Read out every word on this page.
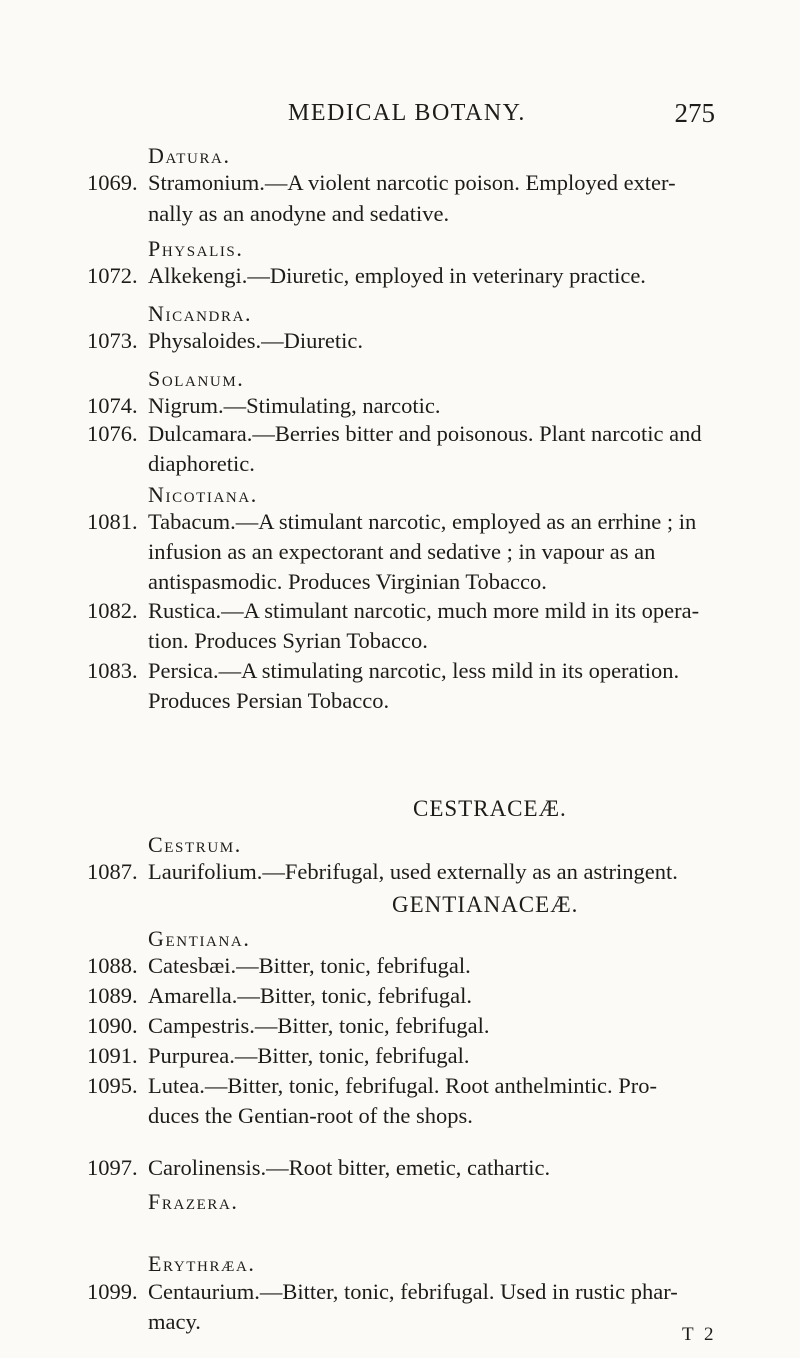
MEDICAL BOTANY.	275
Datura.
1069. Stramonium.—A violent narcotic poison. Employed exter-
nally as an anodyne and sedative.
Physalis.
1072. Alkekengi.—Diuretic, employed in veterinary practice.
Nicandra.
1073. Physaloides.—Diuretic.
Solanum.
1074. Nigrum.—Stimulating, narcotic.
1076. Dulcamara.—Berries bitter and poisonous. Plant narcotic and
diaphoretic.
Nicotiana.
1081. Tabacum.—A stimulant narcotic, employed as an errhine ; in
infusion as an expectorant and sedative ; in vapour as an
antispasmodic. Produces Virginian Tobacco.
1082. Rustica.—A stimulant narcotic, much more mild in its opera-
tion. Produces Syrian Tobacco.
1083. Persica.—A stimulating narcotic, less mild in its operation.
Produces Persian Tobacco.
CESTRACEÆ.
Cestrum.
1087. Laurifolium.—Febrifugal, used externally as an astringent.
GENTIANACEÆ.
Gentiana.
1088. Catesbæi.—Bitter, tonic, febrifugal.
1089. Amarella.—Bitter, tonic, febrifugal.
1090. Campestris.—Bitter, tonic, febrifugal.
1091. Purpurea.—Bitter, tonic, febrifugal.
1095. Lutea.—Bitter, tonic, febrifugal. Root anthelmintic. Pro-
duces the Gentian-root of the shops.
Frazera.
1097. Carolinensis.—Root bitter, emetic, cathartic.
Erythræa.
1099. Centaurium.—Bitter, tonic, febrifugal. Used in rustic phar-
macy.
T 2
